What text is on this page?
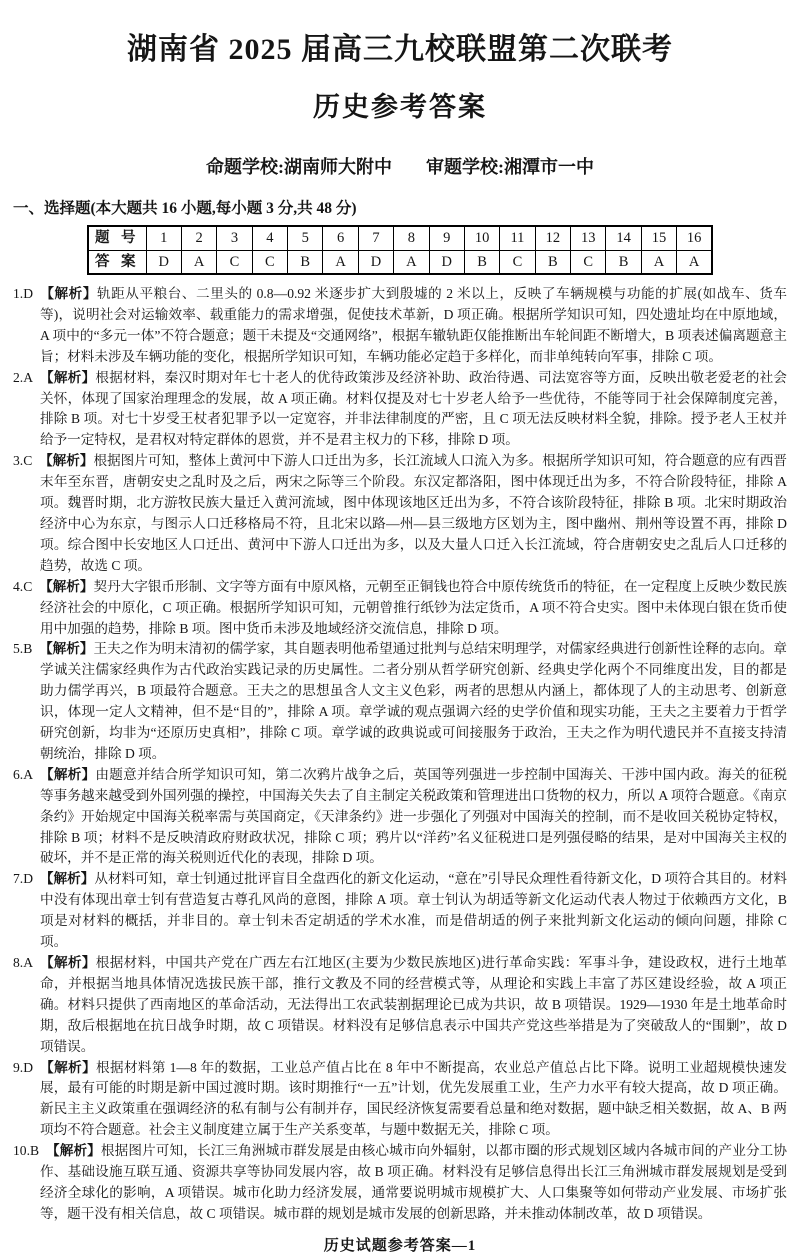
湖南省 2025 届高三九校联盟第二次联考
历史参考答案
命题学校:湖南师大附中 审题学校:湘潭市一中
一、选择题(本大题共 16 小题,每小题 3 分,共 48 分)
题 号	1	2	3	4	5	6	7	8	9	10	11	12	13	14	15	16
答 案	D	A	C	C	B	A	D	A	D	B	C	B	C	B	A	A

1.D 【解析】轨距从平粮台、二里头的 0.8—0.92 米逐步扩大到殷墟的 2 米以上，反映了车辆规模与功能的扩展(如战车、货车等)，说明社会对运输效率、载重能力的需求增强，促使技术革新，D 项正确。根据所学知识可知，四处遗址均在中原地域，A 项中的“多元一体”不符合题意；题干未提及“交通网络”，根据车辙轨距仅能推断出车轮间距不断增大，B 项表述偏离题意主旨；材料未涉及车辆功能的变化，根据所学知识可知，车辆功能必定趋于多样化，而非单纯转向军事，排除 C 项。

2.A 【解析】根据材料，秦汉时期对年七十老人的优待政策涉及经济补助、政治待遇、司法宽容等方面，反映出敬老爱老的社会关怀，体现了国家治理理念的发展，故 A 项正确。材料仅提及对七十岁老人给予一些优待，不能等同于社会保障制度完善，排除 B 项。对七十岁受王杖者犯罪予以一定宽容，并非法律制度的严密，且 C 项无法反映材料全貌，排除。授予老人王杖并给予一定特权，是君权对特定群体的恩赏，并不是君主权力的下移，排除 D 项。

3.C 【解析】根据图片可知，整体上黄河中下游人口迁出为多，长江流域人口流入为多。根据所学知识可知，符合题意的应有西晋末年至东晋，唐朝安史之乱时及之后，两宋之际等三个阶段。东汉定都洛阳，图中体现迁出为多，不符合阶段特征，排除 A 项。魏晋时期，北方游牧民族大量迁入黄河流域，图中体现该地区迁出为多，不符合该阶段特征，排除 B 项。北宋时期政治经济中心为东京，与图示人口迁移格局不符，且北宋以路—州—县三级地方区划为主，图中幽州、荆州等设置不再，排除 D 项。综合图中长安地区人口迁出、黄河中下游人口迁出为多，以及大量人口迁入长江流域，符合唐朝安史之乱后人口迁移的趋势，故选 C 项。

4.C 【解析】契丹大字银币形制、文字等方面有中原风格，元朝至正铜钱也符合中原传统货币的特征，在一定程度上反映少数民族经济社会的中原化，C 项正确。根据所学知识可知，元朝曾推行纸钞为法定货币，A 项不符合史实。图中未体现白银在货币使用中加强的趋势，排除 B 项。图中货币未涉及地域经济交流信息，排除 D 项。

5.B 【解析】王夫之作为明末清初的儒学家，其自题表明他希望通过批判与总结宋明理学，对儒家经典进行创新性诠释的志向。章学诚关注儒家经典作为古代政治实践记录的历史属性。二者分别从哲学研究创新、经典史学化两个不同维度出发，目的都是助力儒学再兴，B 项最符合题意。王夫之的思想虽含人文主义色彩，两者的思想从内涵上，都体现了人的主动思考、创新意识，体现一定人文精神，但不是“目的”，排除 A 项。章学诚的观点强调六经的史学价值和现实功能，王夫之主要着力于哲学研究创新，均非为“还原历史真相”，排除 C 项。章学诚的政典说或可间接服务于政治，王夫之作为明代遗民并不直接支持清朝统治，排除 D 项。

6.A 【解析】由题意并结合所学知识可知，第二次鸦片战争之后，英国等列强进一步控制中国海关、干涉中国内政。海关的征税等事务越来越受到外国列强的操控，中国海关失去了自主制定关税政策和管理进出口货物的权力，所以 A 项符合题意。《南京条约》开始规定中国海关税率需与英国商定，《天津条约》进一步强化了列强对中国海关的控制，而不是收回关税协定特权，排除 B 项；材料不是反映清政府财政状况，排除 C 项；鸦片以“洋药”名义征税进口是列强侵略的结果，是对中国海关主权的破坏，并不是正常的海关税则近代化的表现，排除 D 项。

7.D 【解析】从材料可知，章士钊通过批评盲目全盘西化的新文化运动，“意在”引导民众理性看待新文化，D 项符合其目的。材料中没有体现出章士钊有营造复古尊孔风尚的意图，排除 A 项。章士钊认为胡适等新文化运动代表人物过于依赖西方文化，B 项是对材料的概括，并非目的。章士钊未否定胡适的学术水准，而是借胡适的例子来批判新文化运动的倾向问题，排除 C 项。

8.A 【解析】根据材料，中国共产党在广西左右江地区(主要为少数民族地区)进行革命实践：军事斗争，建设政权，进行土地革命，并根据当地具体情况选拔民族干部，推行文教及不同的经营模式等，从理论和实践上丰富了苏区建设经验，故 A 项正确。材料只提供了西南地区的革命活动，无法得出工农武装割据理论已成为共识，故 B 项错误。1929—1930 年是土地革命时期，敌后根据地在抗日战争时期，故 C 项错误。材料没有足够信息表示中国共产党这些举措是为了突破敌人的“围剿”，故 D 项错误。

9.D 【解析】根据材料第 1—8 年的数据，工业总产值占比在 8 年中不断提高，农业总产值总占比下降。说明工业超规模快速发展，最有可能的时期是新中国过渡时期。该时期推行“一五”计划，优先发展重工业，生产力水平有较大提高，故 D 项正确。新民主主义政策重在强调经济的私有制与公有制并存，国民经济恢复需要看总量和绝对数据，题中缺乏相关数据，故 A、B 两项均不符合题意。社会主义制度建立属于生产关系变革，与题中数据无关，排除 C 项。

10.B 【解析】根据图片可知，长江三角洲城市群发展是由核心城市向外辐射，以都市圈的形式规划区域内各城市间的产业分工协作、基础设施互联互通、资源共享等协同发展内容，故 B 项正确。材料没有足够信息得出长江三角洲城市群发展规划是受到经济全球化的影响，A 项错误。城市化助力经济发展，通常要说明城市规模扩大、人口集聚等如何带动产业发展、市场扩张等，题干没有相关信息，故 C 项错误。城市群的规划是城市发展的创新思路，并未推动体制改革，故 D 项错误。

历史试题参考答案—1
